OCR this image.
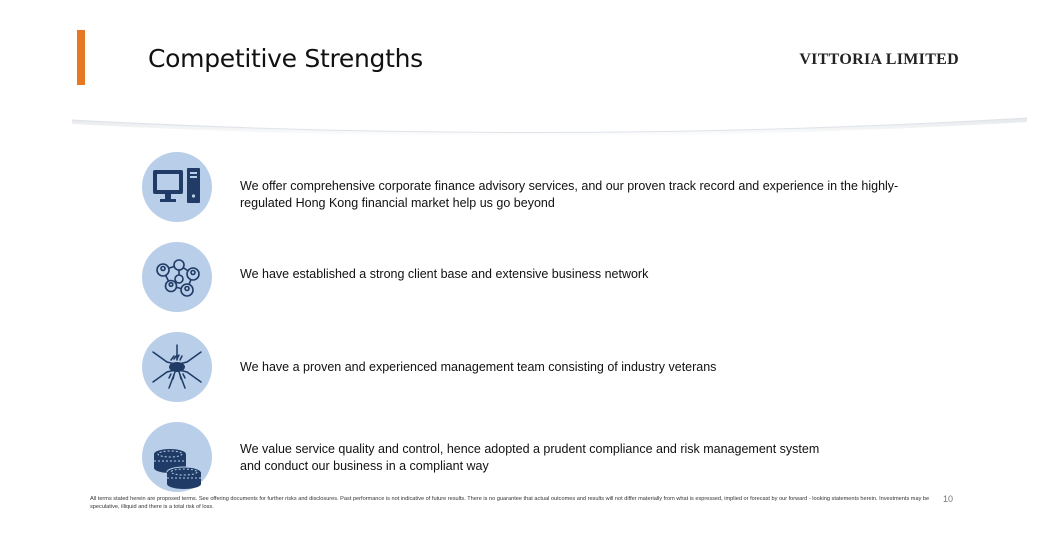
Competitive Strengths	VITTORIA LIMITED
We offer comprehensive corporate finance advisory services, and our proven track record and experience in the highly-regulated Hong Kong financial market help us go beyond
We have established a strong client base and extensive business network
We have a proven and experienced management team consisting of industry veterans
We value service quality and control, hence adopted a prudent compliance and risk management system and conduct our business in a compliant way
All terms stated herein are proposed terms. See offering documents for further risks and disclosures. Past performance is not indicative of future results. There is no guarantee that actual outcomes and results will not differ materially from what is expressed, implied or forecast by our forward - looking statements herein. Investments may be speculative, illiquid and there is a total risk of loss.
10
